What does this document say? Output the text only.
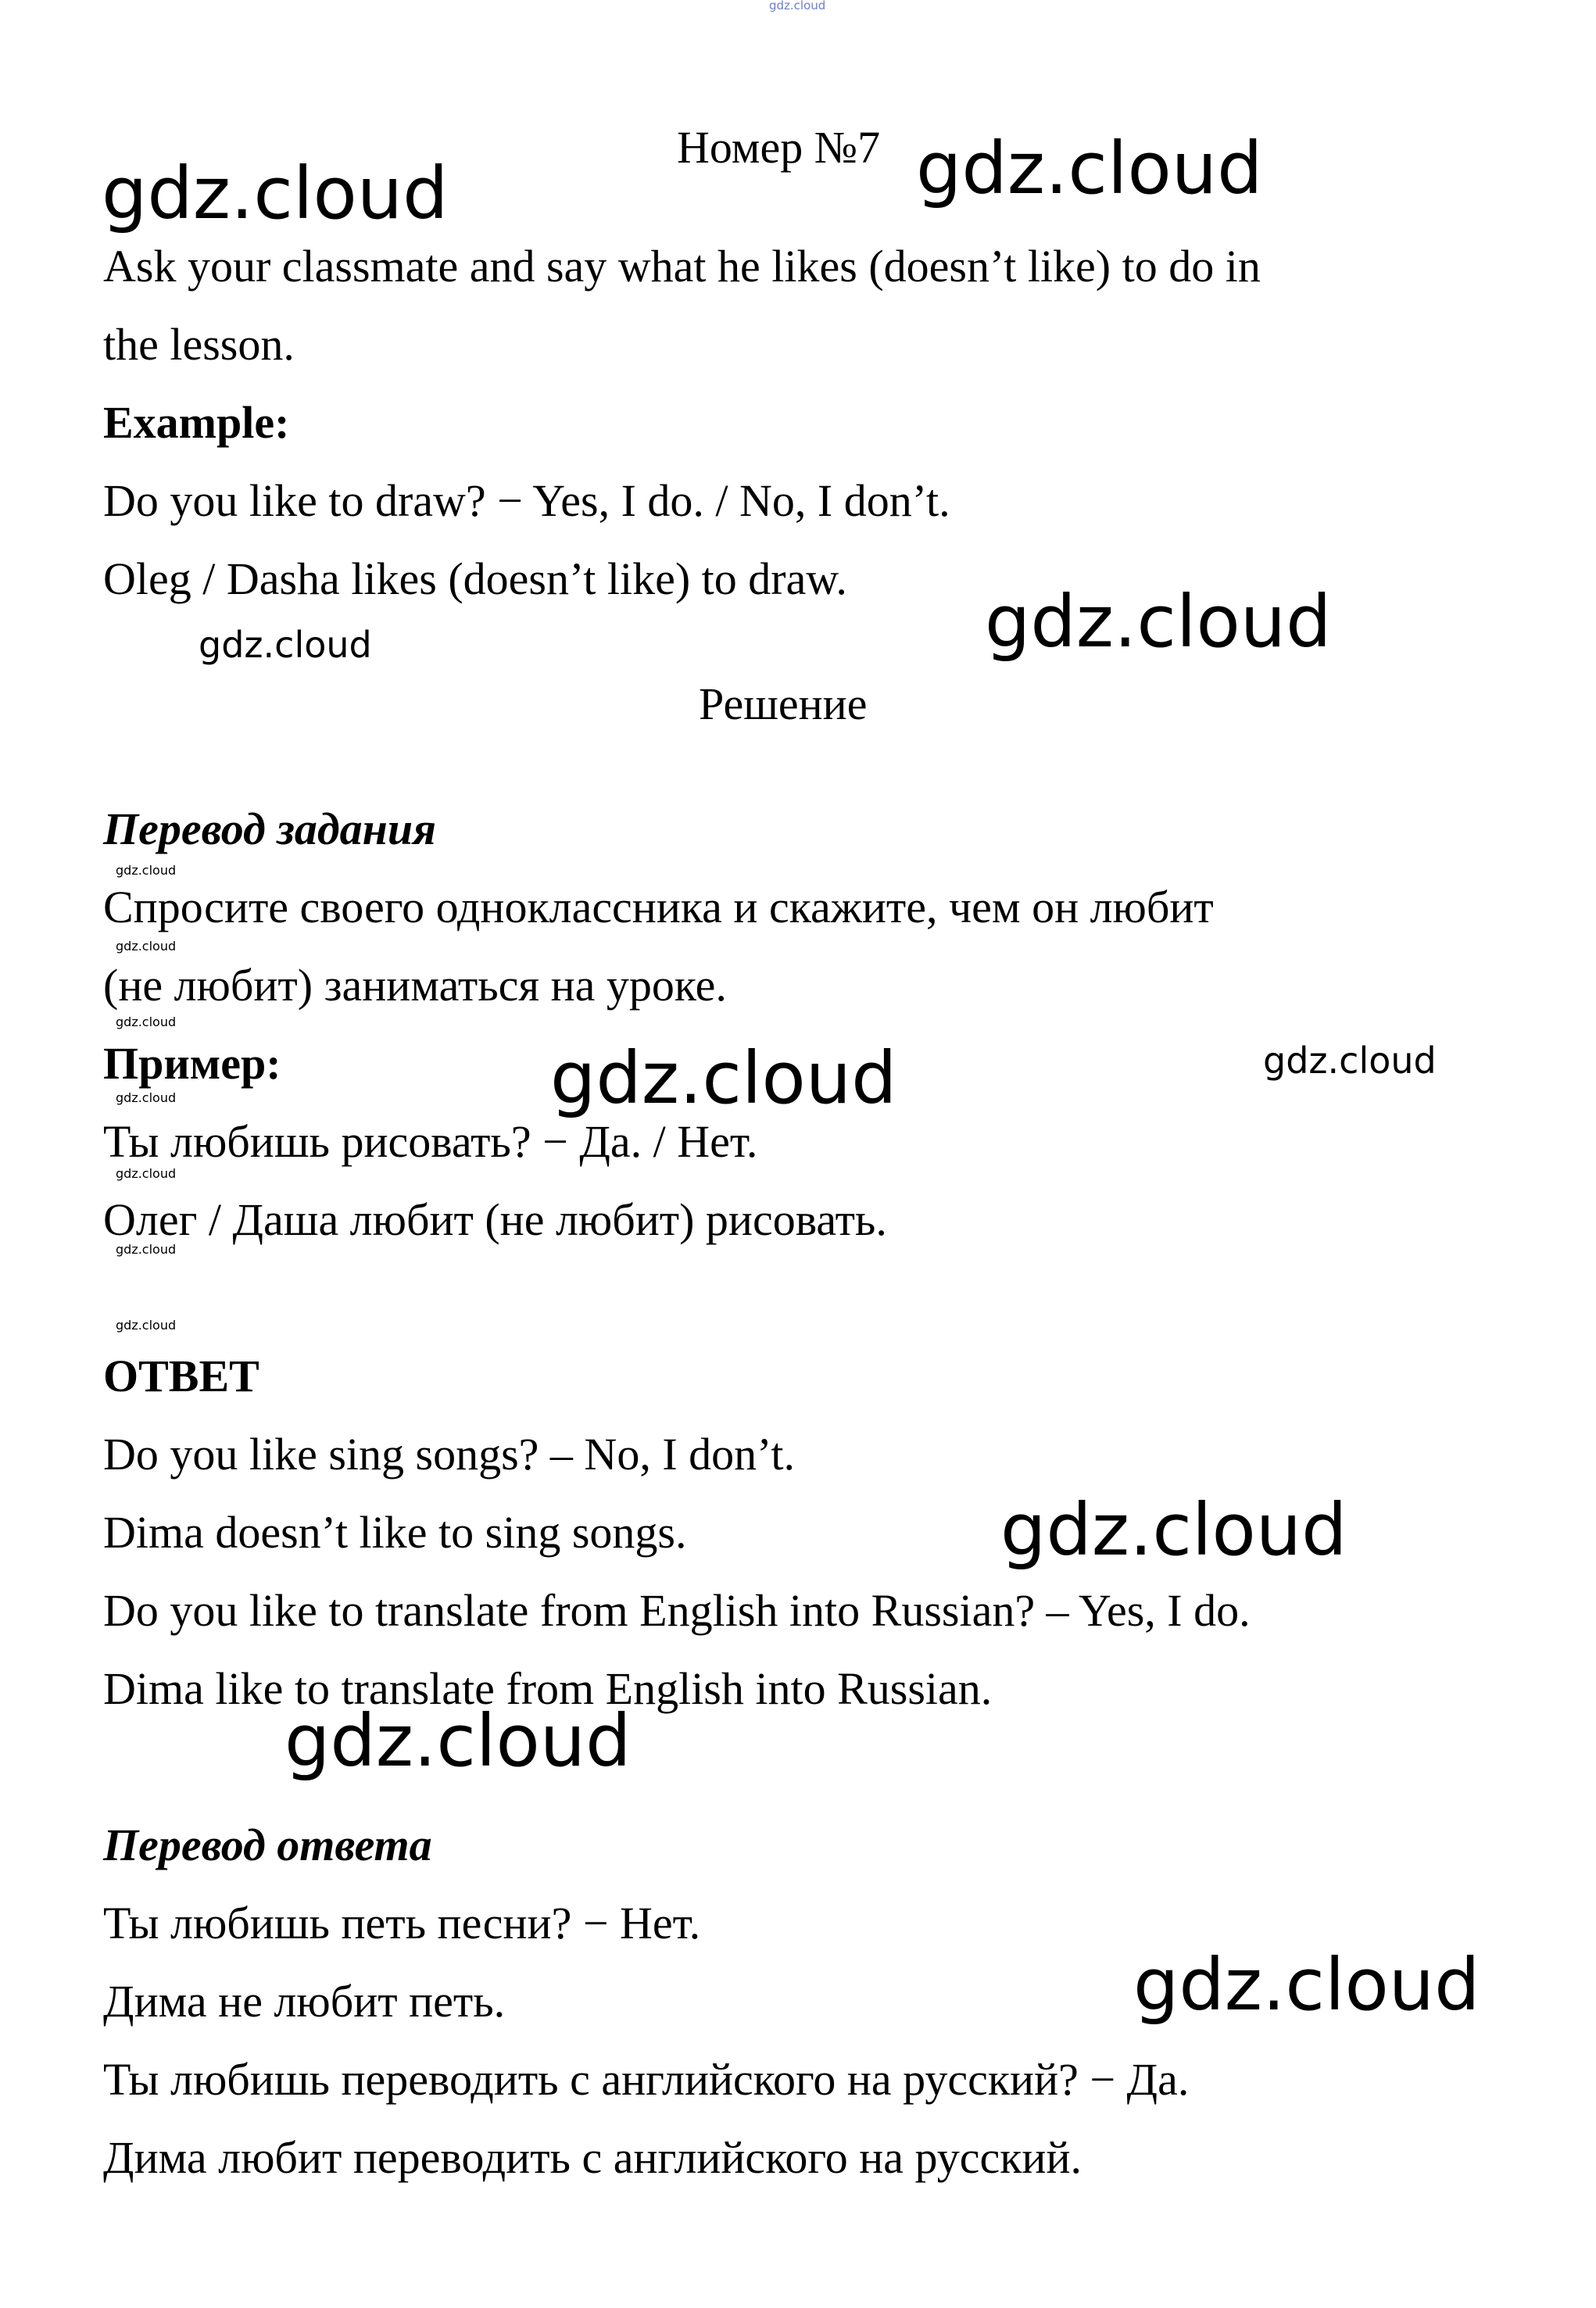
gdz.cloud
Номер №7
Ask your classmate and say what he likes (doesn’t like) to do in
the lesson.
Example:
Do you like to draw? − Yes, I do. / No, I don’t.
Oleg / Dasha likes (doesn’t like) to draw.
Решение
Перевод задания
Спросите своего одноклассника и скажите, чем он любит
(не любит) заниматься на уроке.
Пример:
Ты любишь рисовать? − Да. / Нет.
Олег / Даша любит (не любит) рисовать.
ОТВЕТ
Do you like sing songs? – No, I don’t.
Dima doesn’t like to sing songs.
Do you like to translate from English into Russian? – Yes, I do.
Dima like to translate from English into Russian.
Перевод ответа
Ты любишь петь песни? − Нет.
Дима не любит петь.
Ты любишь переводить с английского на русский? − Да.
Дима любит переводить с английского на русский.
gdz.cloud	gdz.cloud
gdz.cloud
gdz.cloud
gdz.cloud
gdz.cloud
gdz.cloud
gdz.cloud
gdz.cloud
gdz.cloud
gdz.cloud
gdz.cloud
gdz.cloud
gdz.cloud
gdz.cloud
gdz.cloud
